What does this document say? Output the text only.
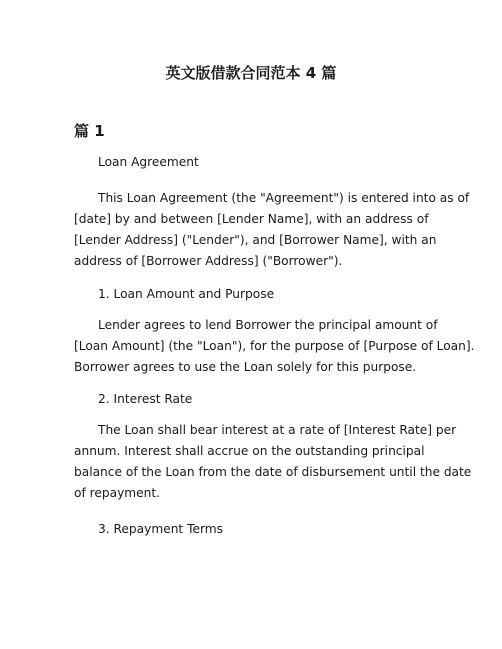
英文版借款合同范本 4 篇
篇 1
Loan Agreement
This Loan Agreement (the "Agreement") is entered into as of
[date] by and between [Lender Name], with an address of
[Lender Address] ("Lender"), and [Borrower Name], with an
address of [Borrower Address] ("Borrower").
1. Loan Amount and Purpose
Lender agrees to lend Borrower the principal amount of
[Loan Amount] (the "Loan"), for the purpose of [Purpose of Loan].
Borrower agrees to use the Loan solely for this purpose.
2. Interest Rate
The Loan shall bear interest at a rate of [Interest Rate] per
annum. Interest shall accrue on the outstanding principal
balance of the Loan from the date of disbursement until the date
of repayment.
3. Repayment Terms
